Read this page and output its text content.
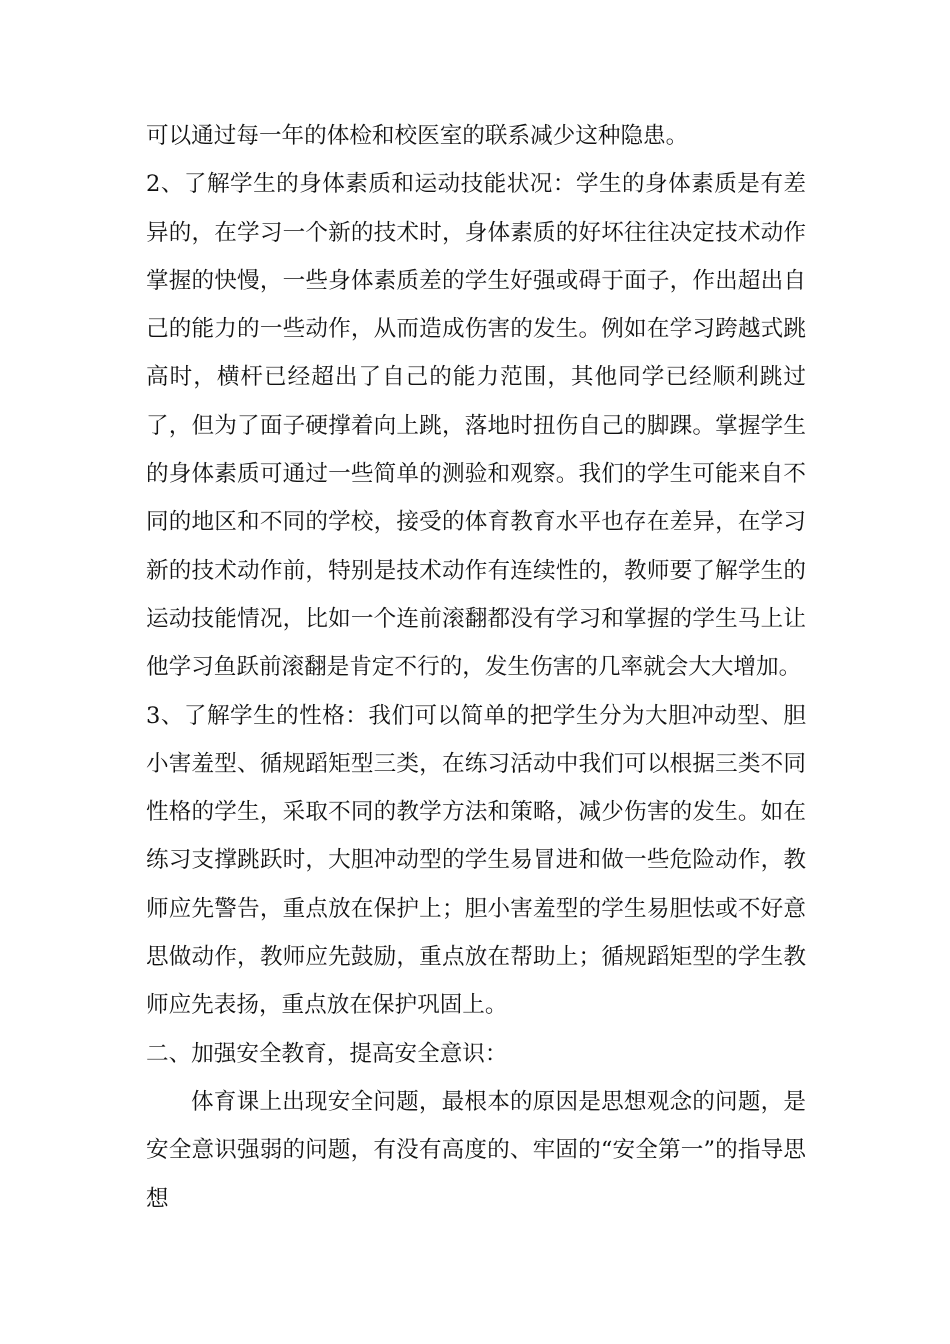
可以通过每一年的体检和校医室的联系减少这种隐患。

2、了解学生的身体素质和运动技能状况：学生的身体素质是有差异的，在学习一个新的技术时，身体素质的好坏往往决定技术动作掌握的快慢，一些身体素质差的学生好强或碍于面子，作出超出自己的能力的一些动作，从而造成伤害的发生。例如在学习跨越式跳高时，横杆已经超出了自己的能力范围，其他同学已经顺利跳过了，但为了面子硬撑着向上跳，落地时扭伤自己的脚踝。掌握学生的身体素质可通过一些简单的测验和观察。我们的学生可能来自不同的地区和不同的学校，接受的体育教育水平也存在差异，在学习新的技术动作前，特别是技术动作有连续性的，教师要了解学生的运动技能情况，比如一个连前滚翻都没有学习和掌握的学生马上让他学习鱼跃前滚翻是肯定不行的，发生伤害的几率就会大大增加。

3、了解学生的性格：我们可以简单的把学生分为大胆冲动型、胆小害羞型、循规蹈矩型三类，在练习活动中我们可以根据三类不同性格的学生，采取不同的教学方法和策略，减少伤害的发生。如在练习支撑跳跃时，大胆冲动型的学生易冒进和做一些危险动作，教师应先警告，重点放在保护上；胆小害羞型的学生易胆怯或不好意思做动作，教师应先鼓励，重点放在帮助上；循规蹈矩型的学生教师应先表扬，重点放在保护巩固上。

二、加强安全教育，提高安全意识：

体育课上出现安全问题，最根本的原因是思想观念的问题，是安全意识强弱的问题，有没有高度的、牢固的“安全第一”的指导思想
